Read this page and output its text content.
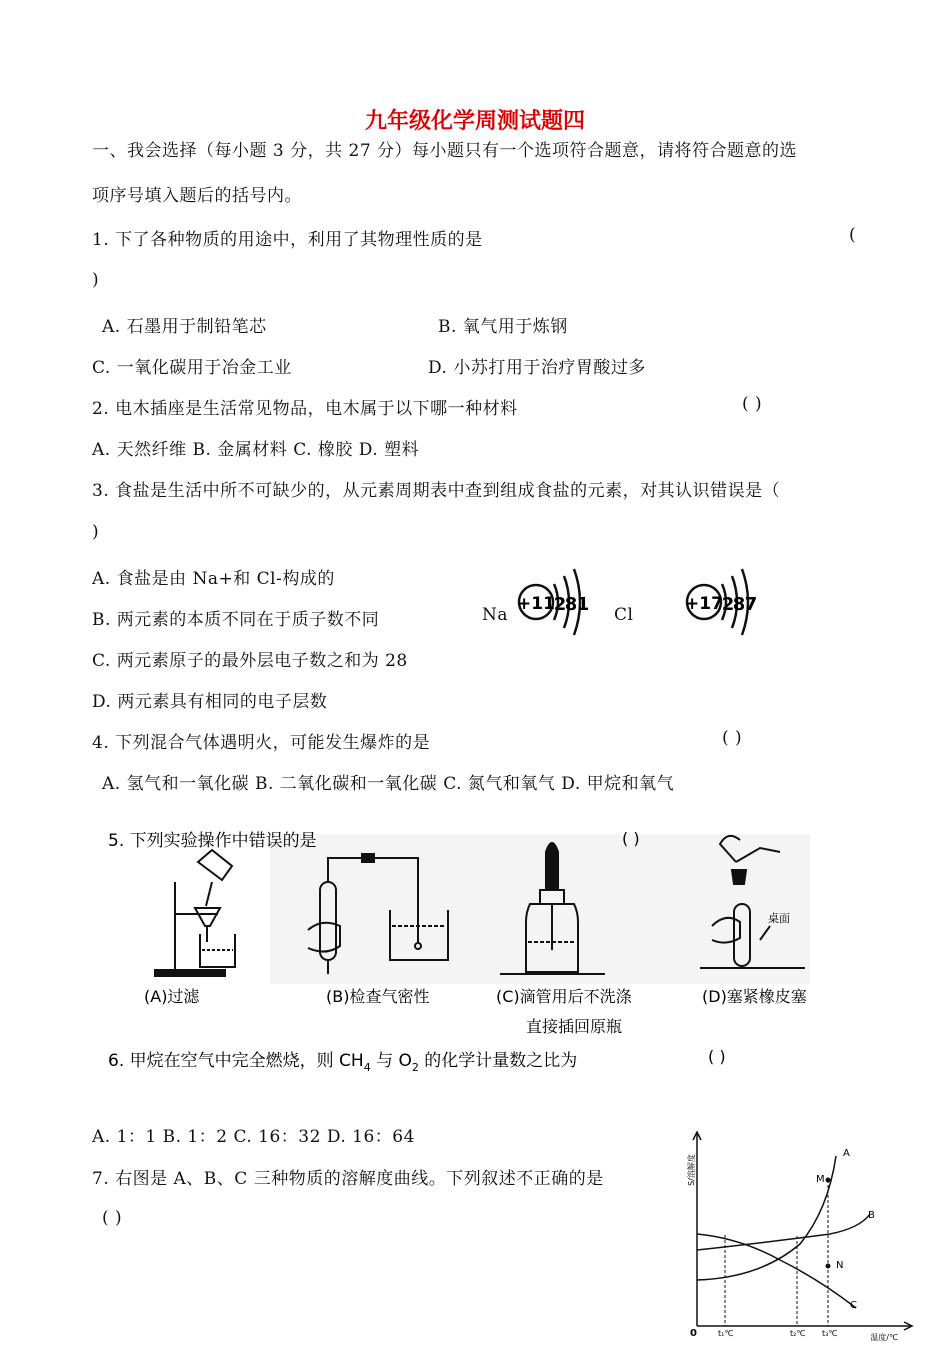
九年级化学周测试题四
一、我会选择（每小题 3 分，共 27 分）每小题只有一个选项符合题意，请将符合题意的选
项序号填入题后的括号内。
1. 下了各种物质的用途中，利用了其物理性质的是	(
)
A. 石墨用于制铅笔芯	B. 氧气用于炼钢
C. 一氧化碳用于冶金工业	D. 小苏打用于治疗胃酸过多
2. 电木插座是生活常见物品，电木属于以下哪一种材料	( )
A. 天然纤维 B. 金属材料 C. 橡胶 D. 塑料
3. 食盐是生活中所不可缺少的，从元素周期表中查到组成食盐的元素，对其认识错误是（
)
A. 食盐是由 Na+和 Cl-构成的
B. 两元素的本质不同在于质子数不同	Na	Cl
+11
2
8 1	+17
2
8 7
C. 两元素原子的最外层电子数之和为 28
D. 两元素具有相同的电子层数
4. 下列混合气体遇明火，可能发生爆炸的是	( )
A. 氢气和一氧化碳 B. 二氧化碳和一氧化碳 C. 氮气和氧气 D. 甲烷和氧气
5. 下列实验操作中错误的是	( )
(A)过滤	(B)检查气密性	(C)滴管用后不洗涤
直接插回原瓶
桌面
(D)塞紧橡皮塞
6. 甲烷在空气中完全燃烧，则 $CH_4$ 与 $O_2$ 的化学计量数之比为	( )
A. 1：1 B. 1：2 C. 16：32 D. 16：64
7. 右图是 A、B、C 三种物质的溶解度曲线。下列叙述不正确的是
( )
S/溶解度
温度/℃
0
A
B
C
M
N
t₁℃	t₂℃ t₃℃
